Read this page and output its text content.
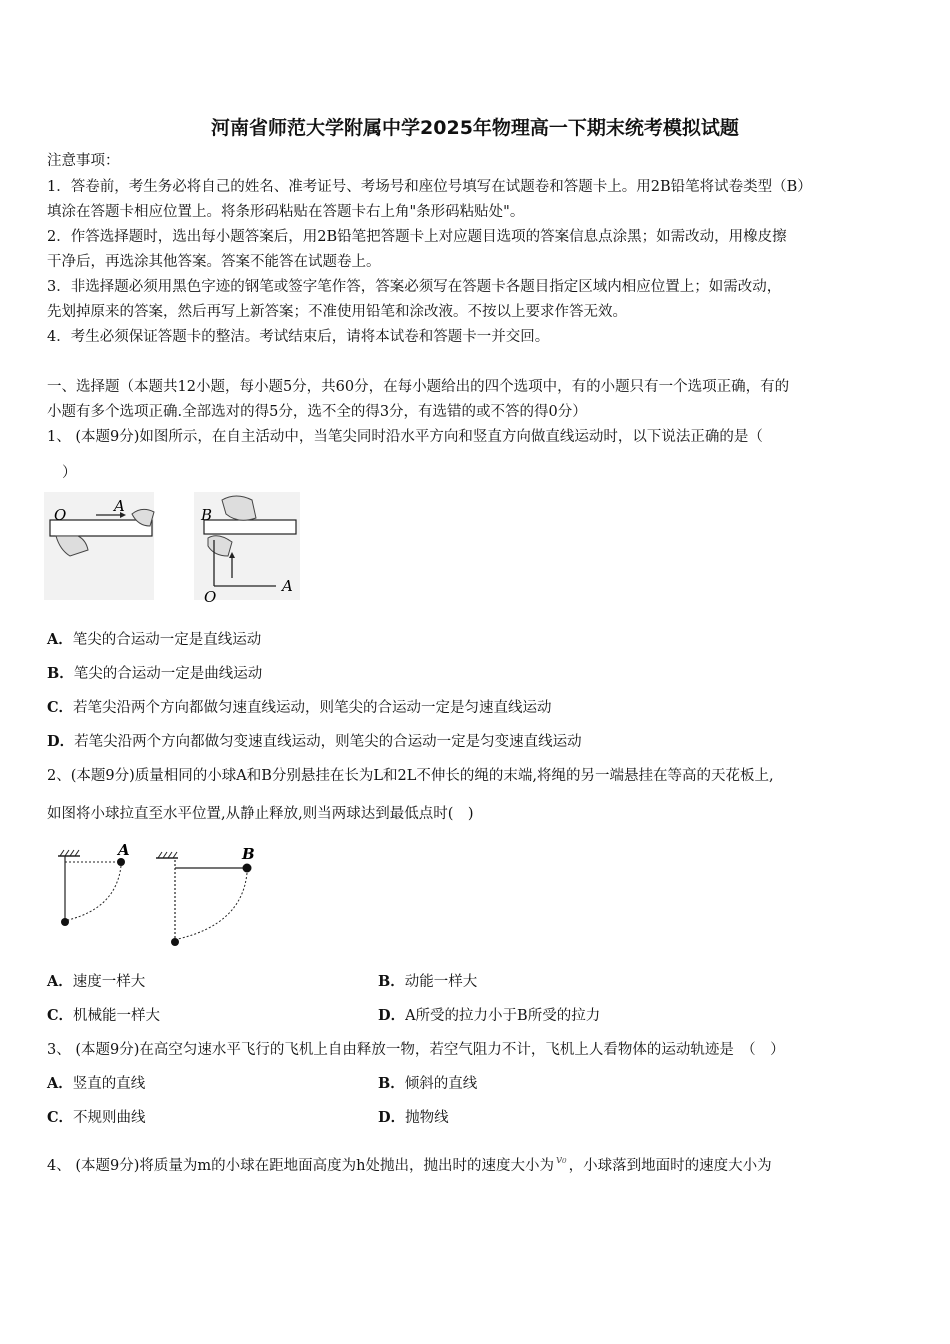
河南省师范大学附属中学2025年物理高一下期末统考模拟试题
注意事项：
1．答卷前，考生务必将自己的姓名、准考证号、考场号和座位号填写在试题卷和答题卡上。用2B铅笔将试卷类型（B）
填涂在答题卡相应位置上。将条形码粘贴在答题卡右上角"条形码粘贴处"。
2．作答选择题时，选出每小题答案后，用2B铅笔把答题卡上对应题目选项的答案信息点涂黑；如需改动，用橡皮擦
干净后，再选涂其他答案。答案不能答在试题卷上。
3．非选择题必须用黑色字迹的钢笔或签字笔作答，答案必须写在答题卡各题目指定区域内相应位置上；如需改动，
先划掉原来的答案，然后再写上新答案；不准使用铅笔和涂改液。不按以上要求作答无效。
4．考生必须保证答题卡的整洁。考试结束后，请将本试卷和答题卡一并交回。
一、选择题（本题共12小题，每小题5分，共60分，在每小题给出的四个选项中，有的小题只有一个选项正确，有的
小题有多个选项正确.全部选对的得5分，选不全的得3分，有选错的或不答的得0分）
1、 (本题9分)如图所示，在自主活动中，当笔尖同时沿水平方向和竖直方向做直线运动时，以下说法正确的是（
）
O	A	B
O
A
A．笔尖的合运动一定是直线运动
B．笔尖的合运动一定是曲线运动
C．若笔尖沿两个方向都做匀速直线运动，则笔尖的合运动一定是匀速直线运动
D．若笔尖沿两个方向都做匀变速直线运动，则笔尖的合运动一定是匀变速直线运动
2、(本题9分)质量相同的小球A和B分别悬挂在长为L和2L不伸长的绳的末端,将绳的另一端悬挂在等高的天花板上,
如图将小球拉直至水平位置,从静止释放,则当两球达到最低点时(　)
A	B
A．速度一样大	B．动能一样大
C．机械能一样大	D．A所受的拉力小于B所受的拉力
3、 (本题9分)在高空匀速水平飞行的飞机上自由释放一物，若空气阻力不计，飞机上人看物体的运动轨迹是　（　）
A．竖直的直线	B．倾斜的直线
C．不规则曲线	D．抛物线
4、 (本题9分)将质量为m的小球在距地面高度为h处抛出，抛出时的速度大小为 $^{v_0}$ ，小球落到地面时的速度大小为
